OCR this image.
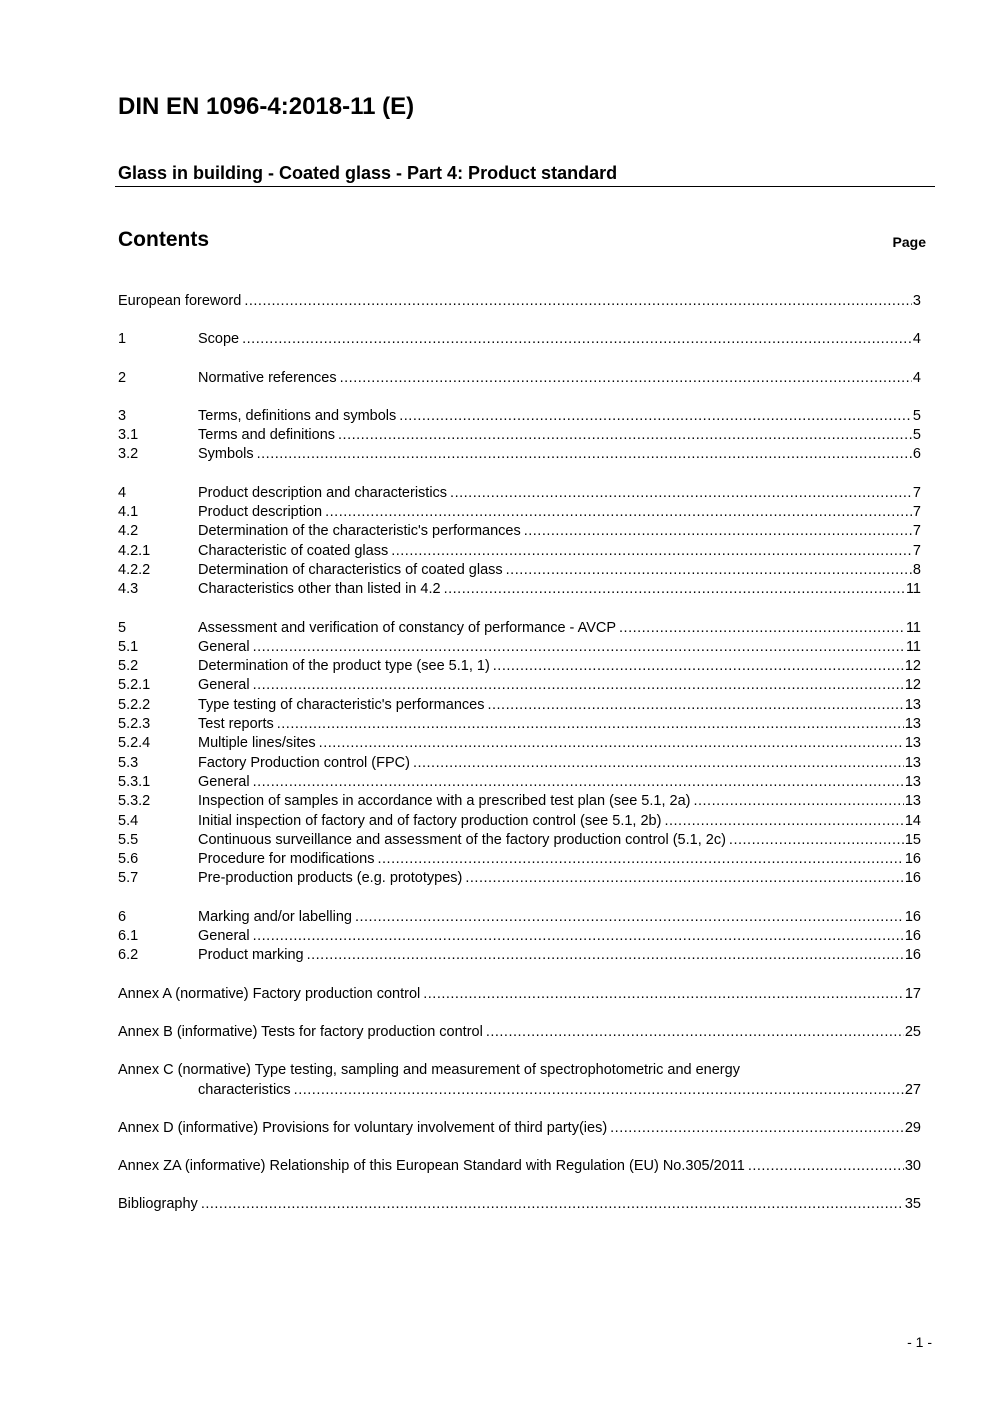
DIN EN 1096-4:2018-11 (E)
Glass in building - Coated glass - Part 4: Product standard
Contents	Page
European foreword .....	3
1	Scope .....	4
2	Normative references .....	4
3	Terms, definitions and symbols .....	5
3.1	Terms and definitions .....	5
3.2	Symbols .....	6
4	Product description and characteristics .....	7
4.1	Product description .....	7
4.2	Determination of the characteristic's performances .....	7
4.2.1	Characteristic of coated glass .....	7
4.2.2	Determination of characteristics of coated glass .....	8
4.3	Characteristics other than listed in 4.2 .....	11
5	Assessment and verification of constancy of performance - AVCP .....	11
5.1	General .....	11
5.2	Determination of the product type (see 5.1, 1) .....	12
5.2.1	General .....	12
5.2.2	Type testing of characteristic's performances .....	13
5.2.3	Test reports .....	13
5.2.4	Multiple lines/sites .....	13
5.3	Factory Production control (FPC) .....	13
5.3.1	General .....	13
5.3.2	Inspection of samples in accordance with a prescribed test plan (see 5.1, 2a) .....	13
5.4	Initial inspection of factory and of factory production control (see 5.1, 2b) .....	14
5.5	Continuous surveillance and assessment of the factory production control (5.1, 2c) .....	15
5.6	Procedure for modifications .....	16
5.7	Pre-production products (e.g. prototypes) .....	16
6	Marking and/or labelling .....	16
6.1	General .....	16
6.2	Product marking .....	16
Annex A (normative) Factory production control .....	17
Annex B (informative) Tests for factory production control .....	25
Annex C (normative) Type testing, sampling and measurement of spectrophotometric and energy
characteristics .....	27
Annex D (informative) Provisions for voluntary involvement of third party(ies) .....	29
Annex ZA (informative) Relationship of this European Standard with Regulation (EU) No.305/2011 .....	30
Bibliography .....	35
- 1 -
